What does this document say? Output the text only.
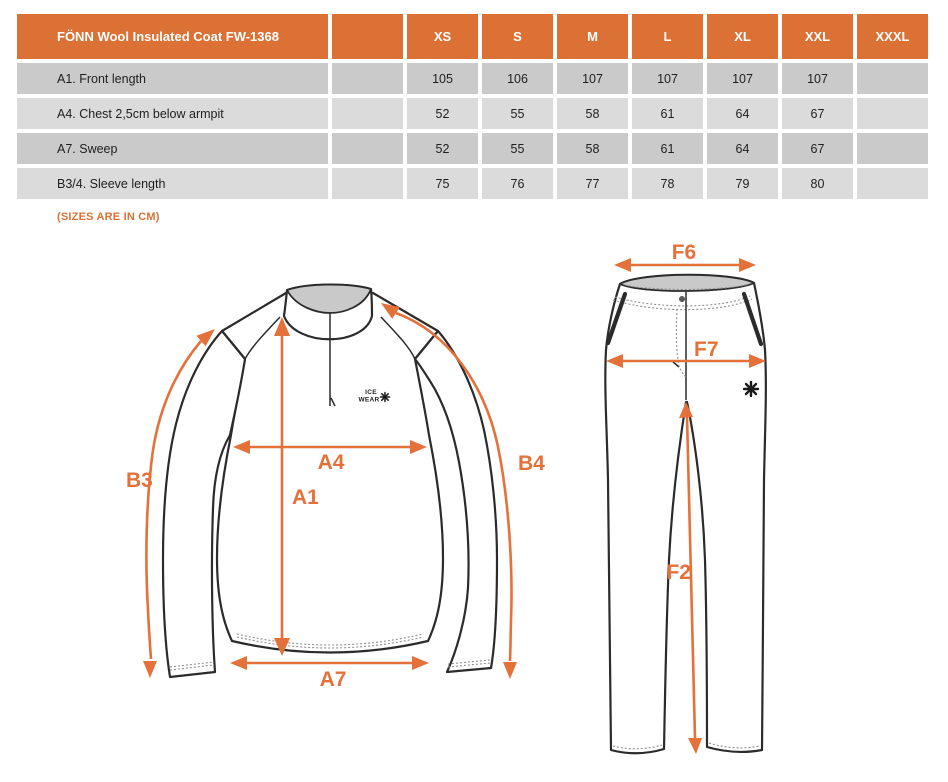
FÖNN Wool Insulated Coat FW-1368		XS	S	M	L	XL	XXL	XXXL
A1. Front length		105	106	107	107	107	107	
A4. Chest 2,5cm below armpit		52	55	58	61	64	67	
A7. Sweep		52	55	58	61	64	67	
B3/4. Sleeve length		75	76	77	78	79	80	
(SIZES ARE IN CM)
ICE
WEAR
B3
A4
A1
B4
A7
F6
F7
F2
